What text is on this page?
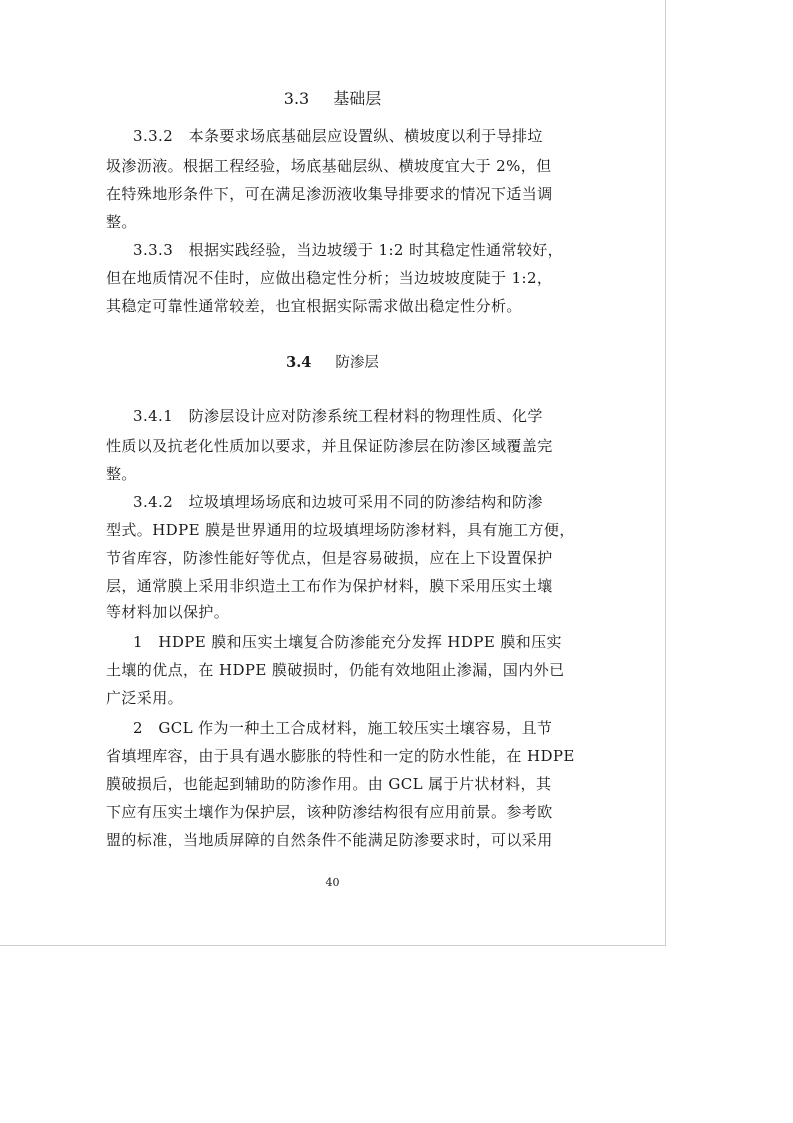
3.3 基础层

3.3.2　本条要求场底基础层应设置纵、横坡度以利于导排垃

圾渗沥液。根据工程经验，场底基础层纵、横坡度宜大于 2%，但

在特殊地形条件下，可在满足渗沥液收集导排要求的情况下适当调

整。

3.3.3　根据实践经验，当边坡缓于 1:2 时其稳定性通常较好，

但在地质情况不佳时，应做出稳定性分析；当边坡坡度陡于 1:2，

其稳定可靠性通常较差，也宜根据实际需求做出稳定性分析。

3.4 防渗层

3.4.1　防渗层设计应对防渗系统工程材料的物理性质、化学

性质以及抗老化性质加以要求，并且保证防渗层在防渗区域覆盖完

整。

3.4.2　垃圾填埋场场底和边坡可采用不同的防渗结构和防渗

型式。HDPE 膜是世界通用的垃圾填埋场防渗材料，具有施工方便，

节省库容，防渗性能好等优点，但是容易破损，应在上下设置保护

层，通常膜上采用非织造土工布作为保护材料，膜下采用压实土壤

等材料加以保护。

1　HDPE 膜和压实土壤复合防渗能充分发挥 HDPE 膜和压实

土壤的优点，在 HDPE 膜破损时，仍能有效地阻止渗漏，国内外已

广泛采用。

2　GCL 作为一种土工合成材料，施工较压实土壤容易，且节

省填埋库容，由于具有遇水膨胀的特性和一定的防水性能，在 HDPE

膜破损后，也能起到辅助的防渗作用。由 GCL 属于片状材料，其

下应有压实土壤作为保护层，该种防渗结构很有应用前景。参考欧

盟的标准，当地质屏障的自然条件不能满足防渗要求时，可以采用

40
